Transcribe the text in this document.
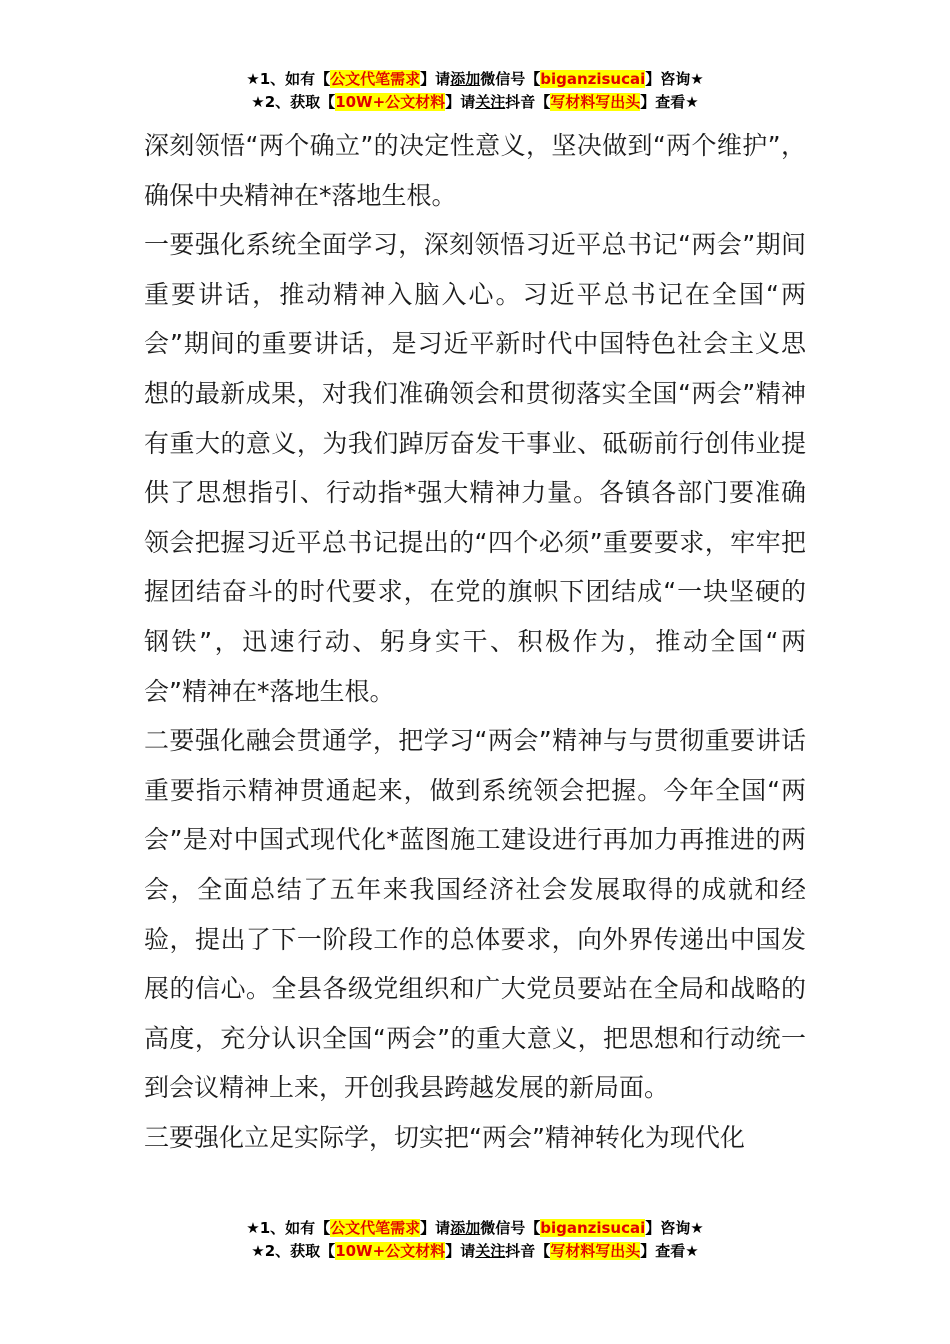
★1、如有【公文代笔需求】请添加微信号【biganzisucai】咨询★
★2、获取【10W+公文材料】请关注抖音【写材料写出头】查看★

深刻领悟“两个确立”的决定性意义，坚决做到“两个维护”，确保中央精神在*落地生根。

一要强化系统全面学习，深刻领悟习近平总书记“两会”期间重要讲话，推动精神入脑入心。习近平总书记在全国“两会”期间的重要讲话，是习近平新时代中国特色社会主义思想的最新成果，对我们准确领会和贯彻落实全国“两会”精神有重大的意义，为我们踔厉奋发干事业、砥砺前行创伟业提供了思想指引、行动指*强大精神力量。各镇各部门要准确领会把握习近平总书记提出的“四个必须”重要要求，牢牢把握团结奋斗的时代要求，在党的旗帜下团结成“一块坚硬的钢铁”，迅速行动、躬身实干、积极作为，推动全国“两会”精神在*落地生根。

二要强化融会贯通学，把学习“两会”精神与与贯彻重要讲话重要指示精神贯通起来，做到系统领会把握。今年全国“两会”是对中国式现代化*蓝图施工建设进行再加力再推进的两会，全面总结了五年来我国经济社会发展取得的成就和经验，提出了下一阶段工作的总体要求，向外界传递出中国发展的信心。全县各级党组织和广大党员要站在全局和战略的高度，充分认识全国“两会”的重大意义，把思想和行动统一到会议精神上来，开创我县跨越发展的新局面。

三要强化立足实际学，切实把“两会”精神转化为现代化

★1、如有【公文代笔需求】请添加微信号【biganzisucai】咨询★
★2、获取【10W+公文材料】请关注抖音【写材料写出头】查看★
